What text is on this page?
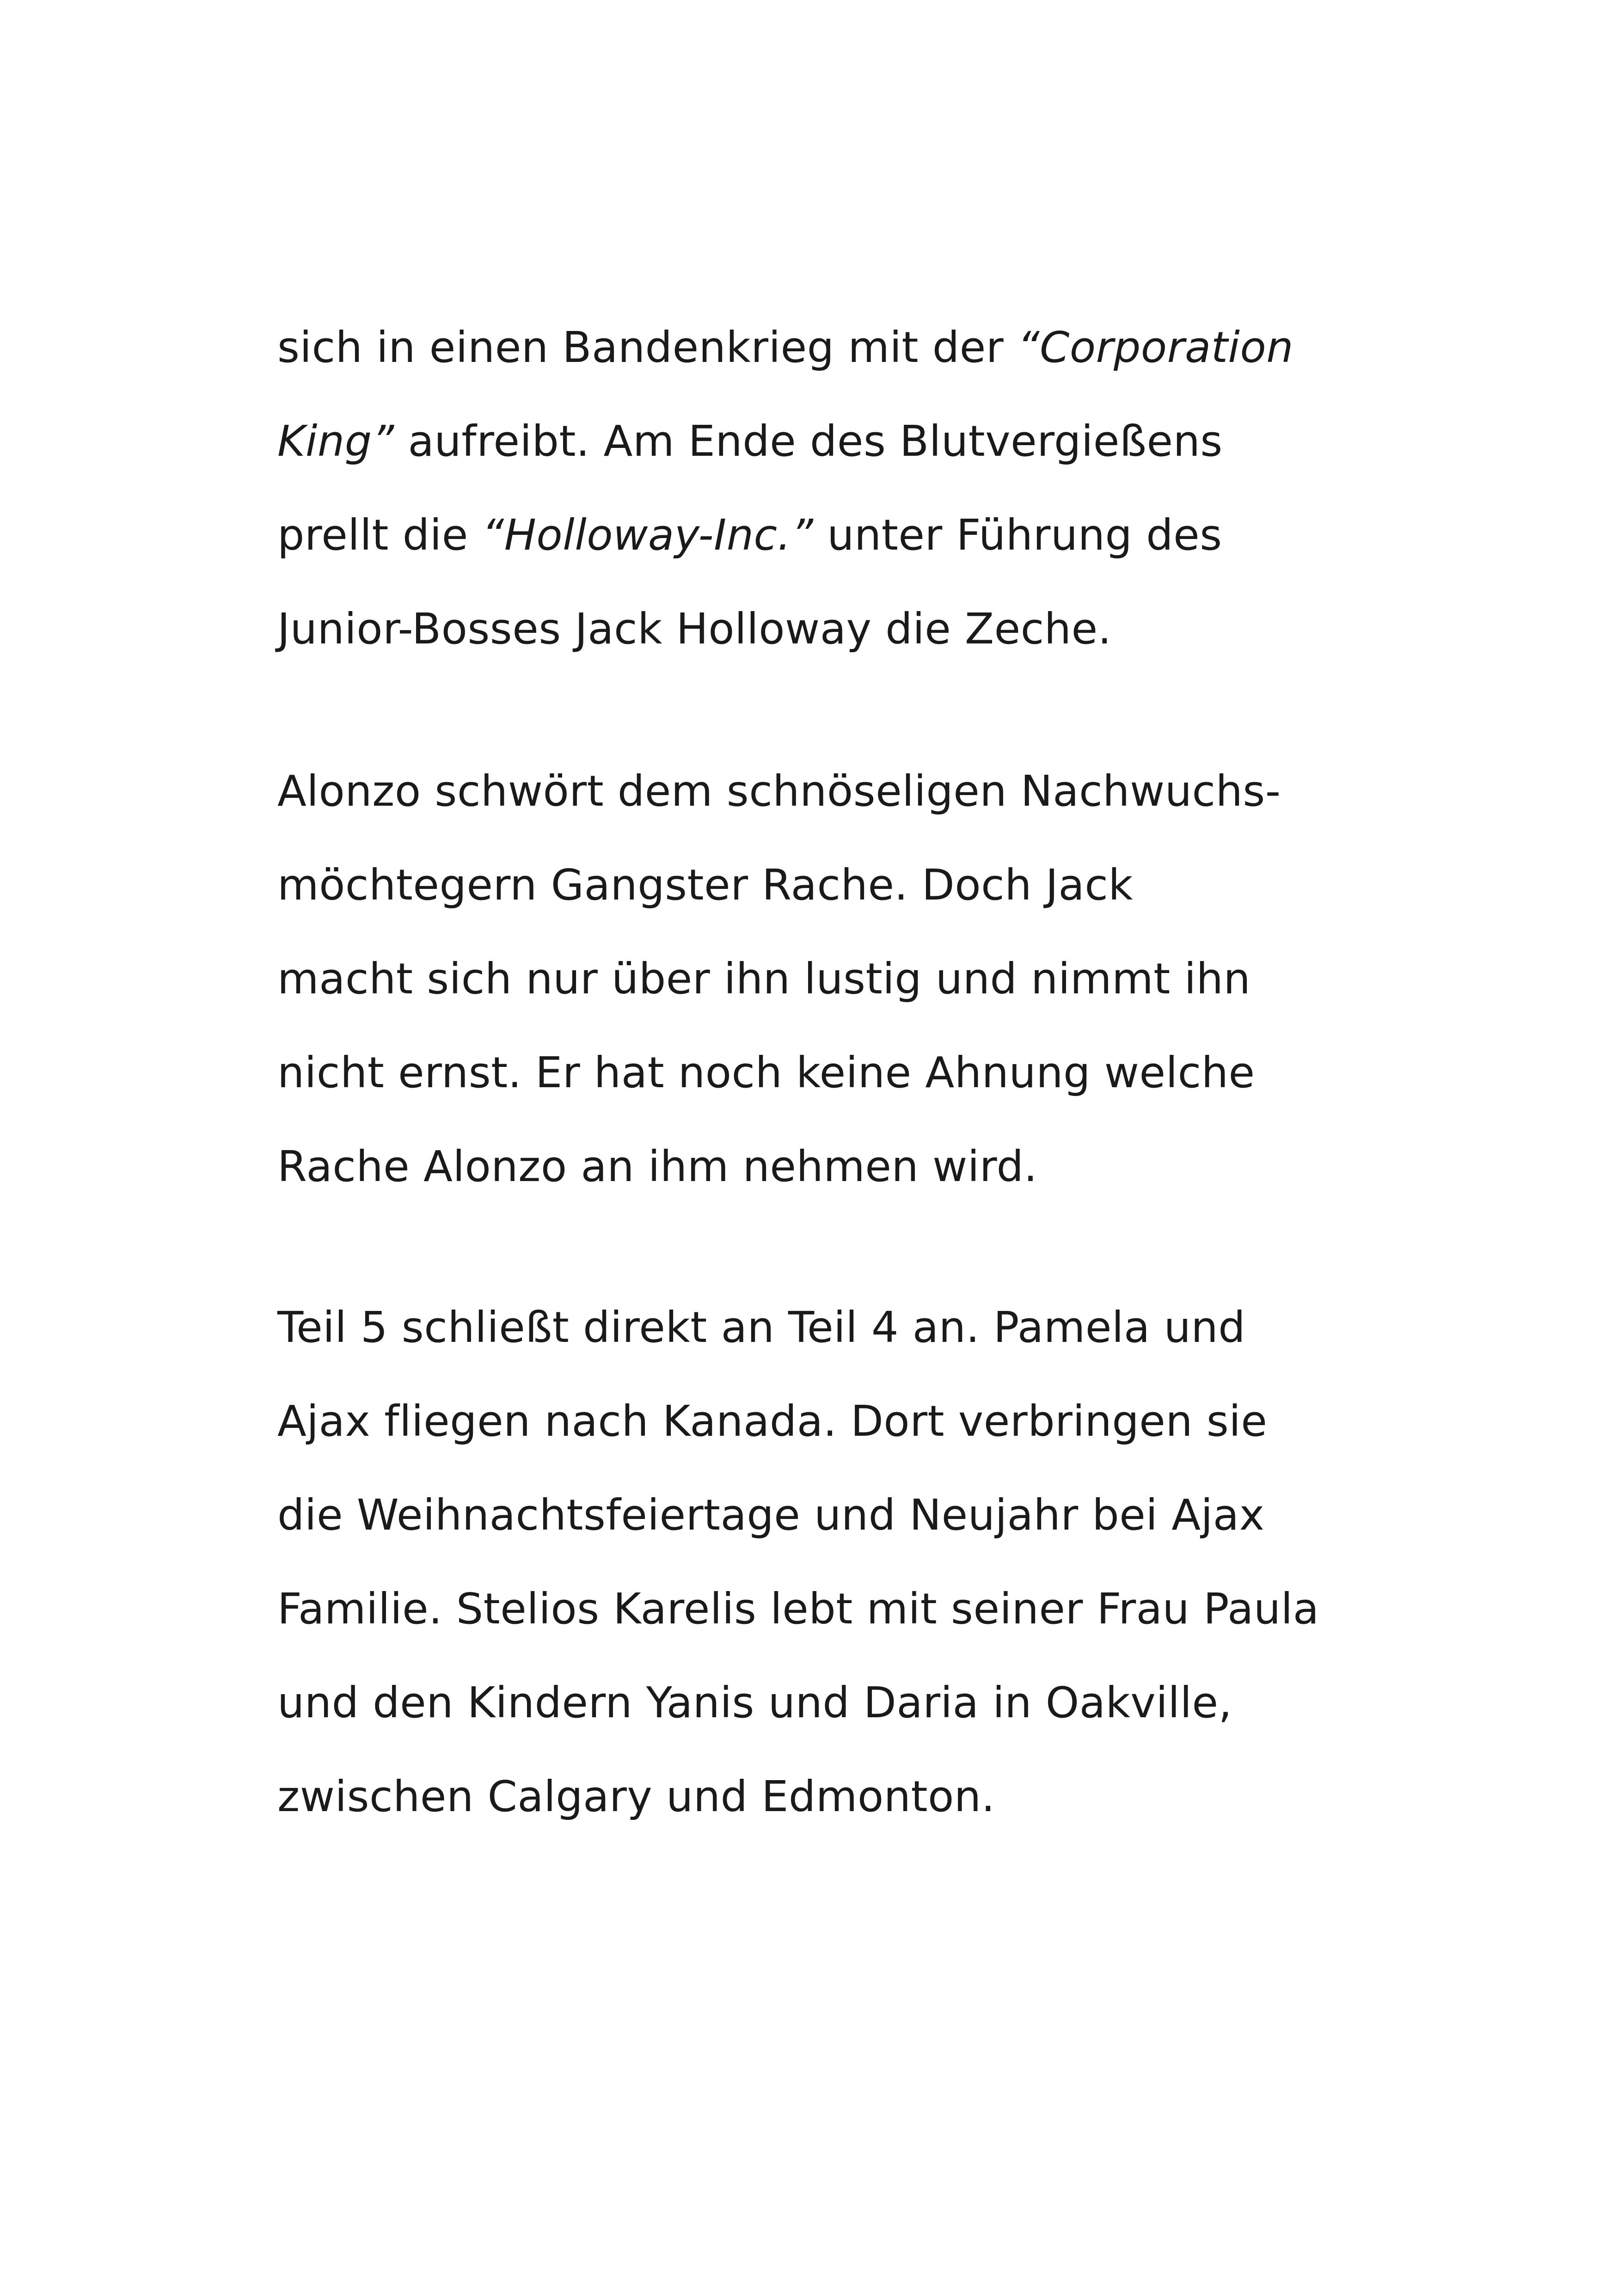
sich in einen Bandenkrieg mit der “Corporation
King” aufreibt. Am Ende des Blutvergießens
prellt die “Holloway-Inc.” unter Führung des
Junior-Bosses Jack Holloway die Zeche.
Alonzo schwört dem schnöseligen Nachwuchs-
möchtegern Gangster Rache. Doch Jack
macht sich nur über ihn lustig und nimmt ihn
nicht ernst. Er hat noch keine Ahnung welche
Rache Alonzo an ihm nehmen wird.
Teil 5 schließt direkt an Teil 4 an. Pamela und
Ajax fliegen nach Kanada. Dort verbringen sie
die Weihnachtsfeiertage und Neujahr bei Ajax
Familie. Stelios Karelis lebt mit seiner Frau Paula
und den Kindern Yanis und Daria in Oakville,
zwischen Calgary und Edmonton.
